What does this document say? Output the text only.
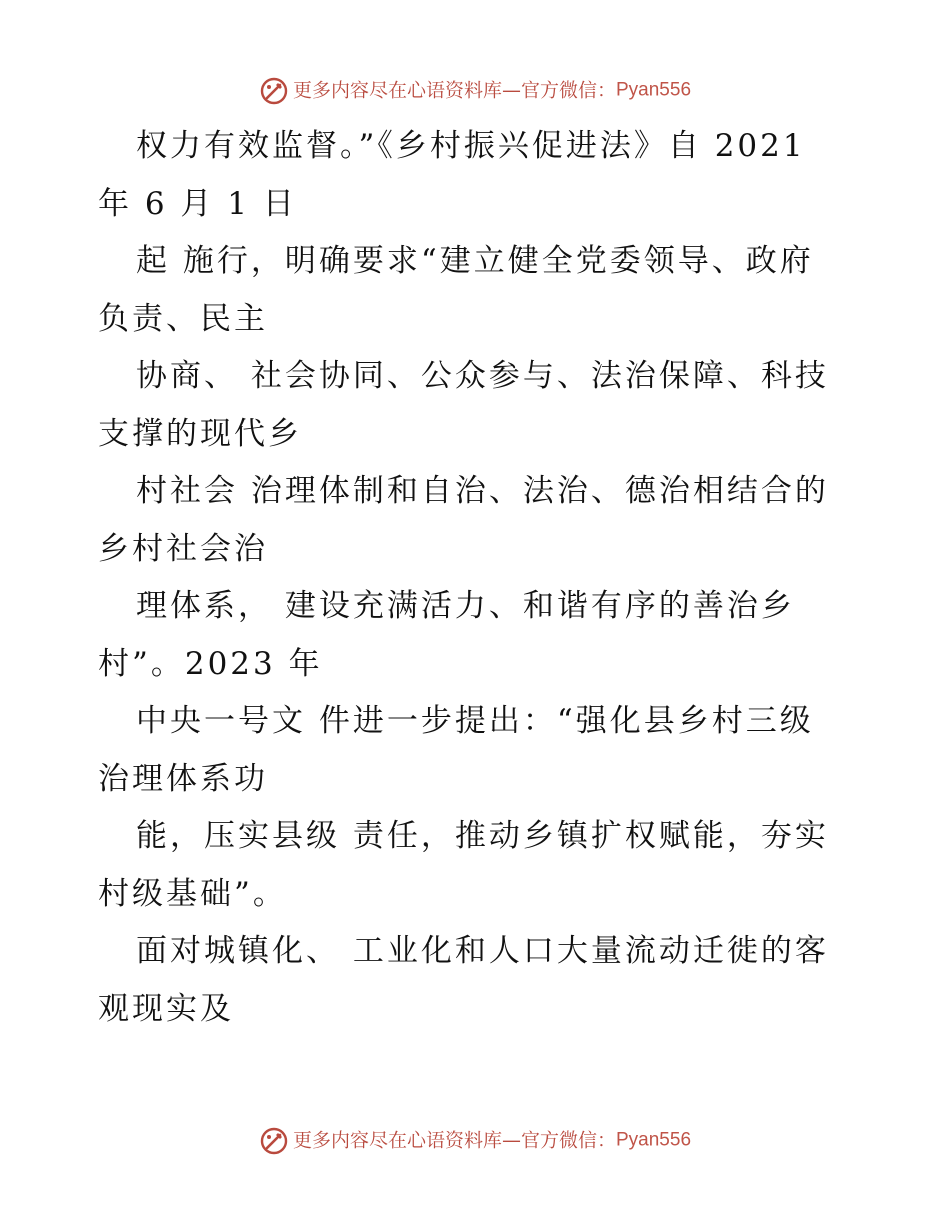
更多内容尽在心语资料库—官方微信：Pyan556
权力有效监督。”《乡村振兴促进法》自 2021
年 6 月 1 日
起 施行，明确要求“建立健全党委领导、政府
负责、民主
协商、 社会协同、公众参与、法治保障、科技
支撑的现代乡
村社会 治理体制和自治、法治、德治相结合的
乡村社会治
理体系， 建设充满活力、和谐有序的善治乡
村”。2023 年
中央一号文 件进一步提出：“强化县乡村三级
治理体系功
能，压实县级 责任，推动乡镇扩权赋能，夯实
村级基础”。
面对城镇化、 工业化和人口大量流动迁徙的客
观现实及
更多内容尽在心语资料库—官方微信：Pyan556
